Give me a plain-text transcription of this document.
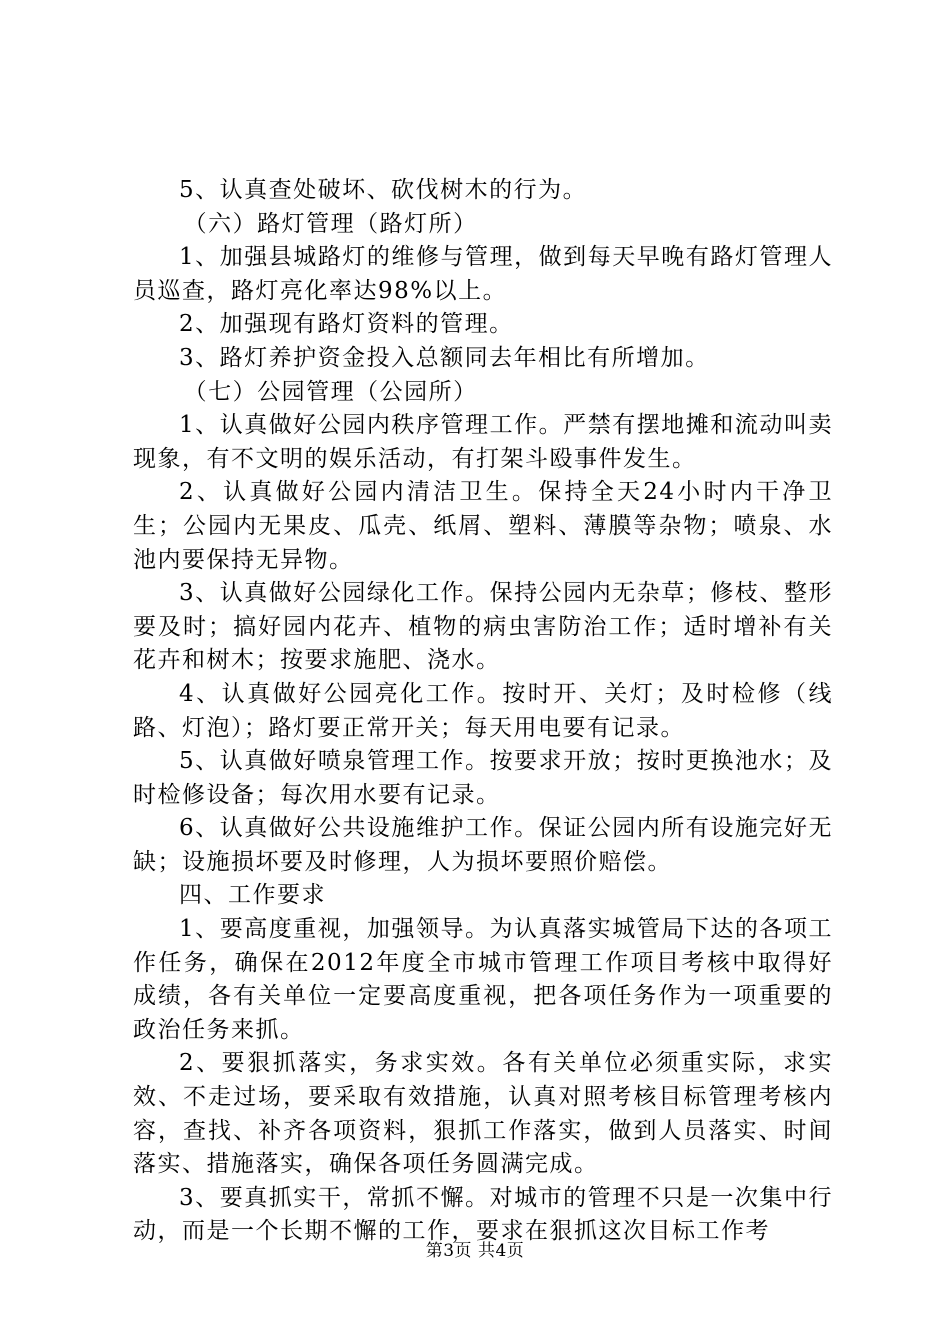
5、认真查处破坏、砍伐树木的行为。

（六）路灯管理（路灯所）

1、加强县城路灯的维修与管理，做到每天早晚有路灯管理人员巡查，路灯亮化率达98%以上。

2、加强现有路灯资料的管理。

3、路灯养护资金投入总额同去年相比有所增加。

（七）公园管理（公园所）

1、认真做好公园内秩序管理工作。严禁有摆地摊和流动叫卖现象，有不文明的娱乐活动，有打架斗殴事件发生。

2、认真做好公园内清洁卫生。保持全天24小时内干净卫生；公园内无果皮、瓜壳、纸屑、塑料、薄膜等杂物；喷泉、水池内要保持无异物。

3、认真做好公园绿化工作。保持公园内无杂草；修枝、整形要及时；搞好园内花卉、植物的病虫害防治工作；适时增补有关花卉和树木；按要求施肥、浇水。

4、认真做好公园亮化工作。按时开、关灯；及时检修（线路、灯泡）；路灯要正常开关；每天用电要有记录。

5、认真做好喷泉管理工作。按要求开放；按时更换池水；及时检修设备；每次用水要有记录。

6、认真做好公共设施维护工作。保证公园内所有设施完好无缺；设施损坏要及时修理，人为损坏要照价赔偿。

四、工作要求

1、要高度重视，加强领导。为认真落实城管局下达的各项工作任务，确保在2012年度全市城市管理工作项目考核中取得好成绩，各有关单位一定要高度重视，把各项任务作为一项重要的政治任务来抓。

2、要狠抓落实，务求实效。各有关单位必须重实际，求实效、不走过场，要采取有效措施，认真对照考核目标管理考核内容，查找、补齐各项资料，狠抓工作落实，做到人员落实、时间落实、措施落实，确保各项任务圆满完成。

3、要真抓实干，常抓不懈。对城市的管理不只是一次集中行动，而是一个长期不懈的工作，要求在狠抓这次目标工作考

第3页 共4页
